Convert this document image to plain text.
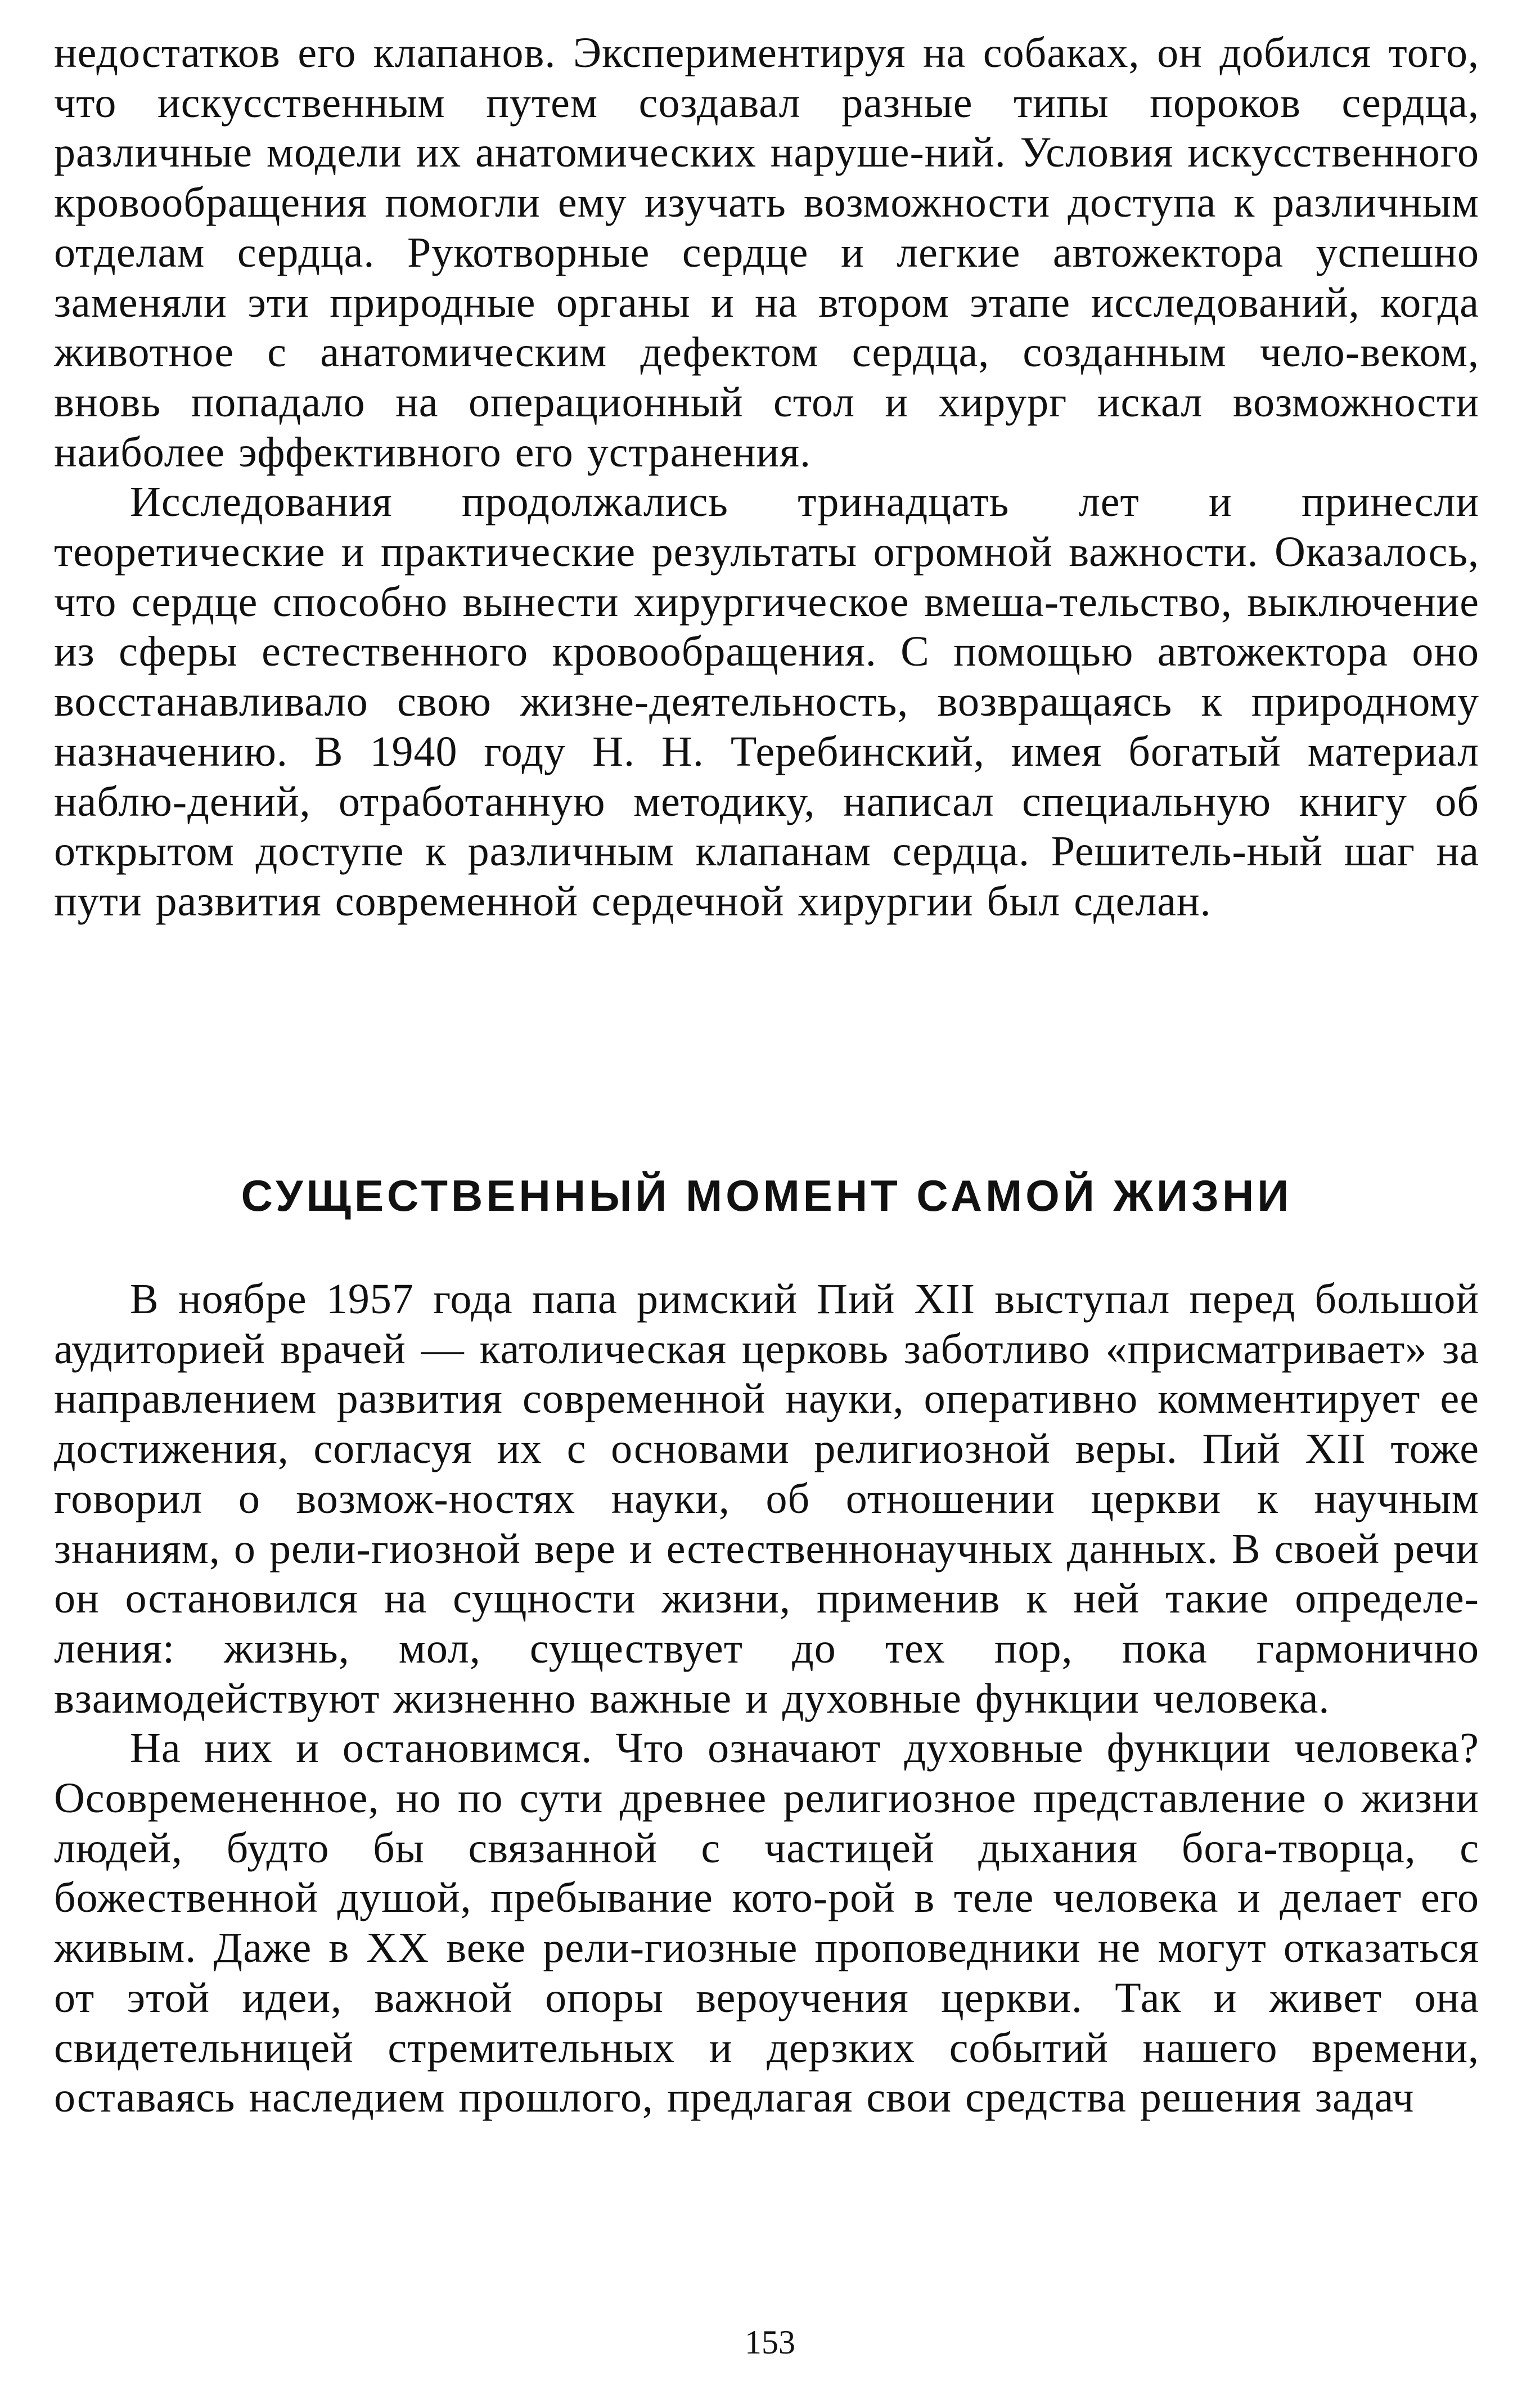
недостатков его клапанов. Экспериментируя на собаках, он добился того, что искусственным путем создавал разные типы пороков сердца, различные модели их анатомических наруше-ний. Условия искусственного кровообращения помогли ему изучать возможности доступа к различным отделам сердца. Рукотворные сердце и легкие автожектора успешно заменяли эти природные органы и на втором этапе исследований, когда животное с анатомическим дефектом сердца, созданным чело-веком, вновь попадало на операционный стол и хирург искал возможности наиболее эффективного его устранения.

Исследования продолжались тринадцать лет и принесли теоретические и практические результаты огромной важности. Оказалось, что сердце способно вынести хирургическое вмеша-тельство, выключение из сферы естественного кровообращения. С помощью автожектора оно восстанавливало свою жизне-деятельность, возвращаясь к природному назначению. В 1940 году Н. Н. Теребинский, имея богатый материал наблю-дений, отработанную методику, написал специальную книгу об открытом доступе к различным клапанам сердца. Решитель-ный шаг на пути развития современной сердечной хирургии был сделан.

СУЩЕСТВЕННЫЙ МОМЕНТ САМОЙ ЖИЗНИ

В ноябре 1957 года папа римский Пий XII выступал перед большой аудиторией врачей — католическая церковь заботливо «присматривает» за направлением развития современной науки, оперативно комментирует ее достижения, согласуя их с основами религиозной веры. Пий XII тоже говорил о возмож-ностях науки, об отношении церкви к научным знаниям, о рели-гиозной вере и естественнонаучных данных. В своей речи он остановился на сущности жизни, применив к ней такие определе-ления: жизнь, мол, существует до тех пор, пока гармонично взаимодействуют жизненно важные и духовные функции человека.

На них и остановимся. Что означают духовные функции человека? Осовремененное, но по сути древнее религиозное представление о жизни людей, будто бы связанной с частицей дыхания бога-творца, с божественной душой, пребывание кото-рой в теле человека и делает его живым. Даже в XX веке рели-гиозные проповедники не могут отказаться от этой идеи, важной опоры вероучения церкви. Так и живет она свидетельницей стремительных и дерзких событий нашего времени, оставаясь наследием прошлого, предлагая свои средства решения задач

153
